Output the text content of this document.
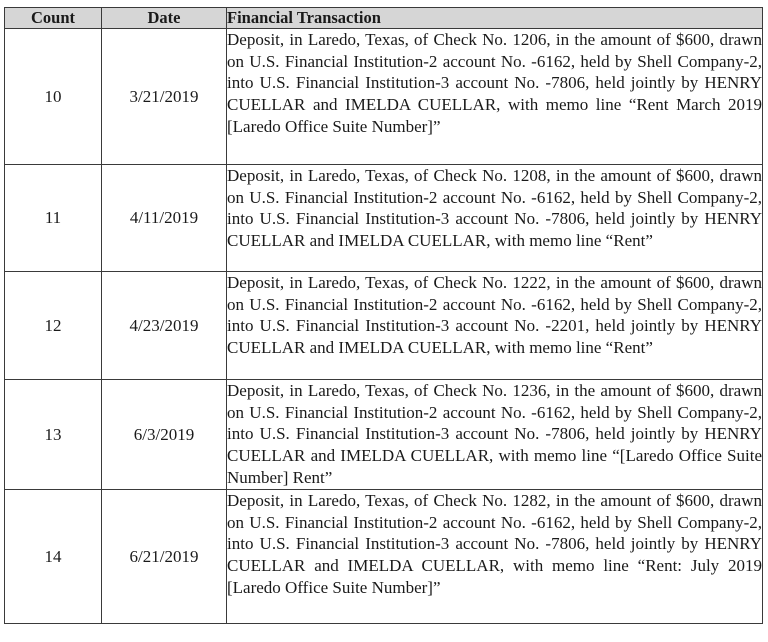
Count	Date	Financial Transaction
10	3/21/2019	Deposit, in Laredo, Texas, of Check No. 1206, in the amount of $600, drawn on U.S. Financial Institution-2 account No. -6162, held by Shell Company-2, into U.S. Financial Institution-3 account No. -7806, held jointly by HENRY CUELLAR and IMELDA CUELLAR, with memo line “Rent March 2019 [Laredo Office Suite Number]”
11	4/11/2019	Deposit, in Laredo, Texas, of Check No. 1208, in the amount of $600, drawn on U.S. Financial Institution-2 account No. -6162, held by Shell Company-2, into U.S. Financial Institution-3 account No. -7806, held jointly by HENRY CUELLAR and IMELDA CUELLAR, with memo line “Rent”
12	4/23/2019	Deposit, in Laredo, Texas, of Check No. 1222, in the amount of $600, drawn on U.S. Financial Institution-2 account No. -6162, held by Shell Company-2, into U.S. Financial Institution-3 account No. -2201, held jointly by HENRY CUELLAR and IMELDA CUELLAR, with memo line “Rent”
13	6/3/2019	Deposit, in Laredo, Texas, of Check No. 1236, in the amount of $600, drawn on U.S. Financial Institution-2 account No. -6162, held by Shell Company-2, into U.S. Financial Institution-3 account No. -7806, held jointly by HENRY CUELLAR and IMELDA CUELLAR, with memo line “[Laredo Office Suite Number] Rent”
14	6/21/2019	Deposit, in Laredo, Texas, of Check No. 1282, in the amount of $600, drawn on U.S. Financial Institution-2 account No. -6162, held by Shell Company-2, into U.S. Financial Institution-3 account No. -7806, held jointly by HENRY CUELLAR and IMELDA CUELLAR, with memo line “Rent: July 2019 [Laredo Office Suite Number]”
